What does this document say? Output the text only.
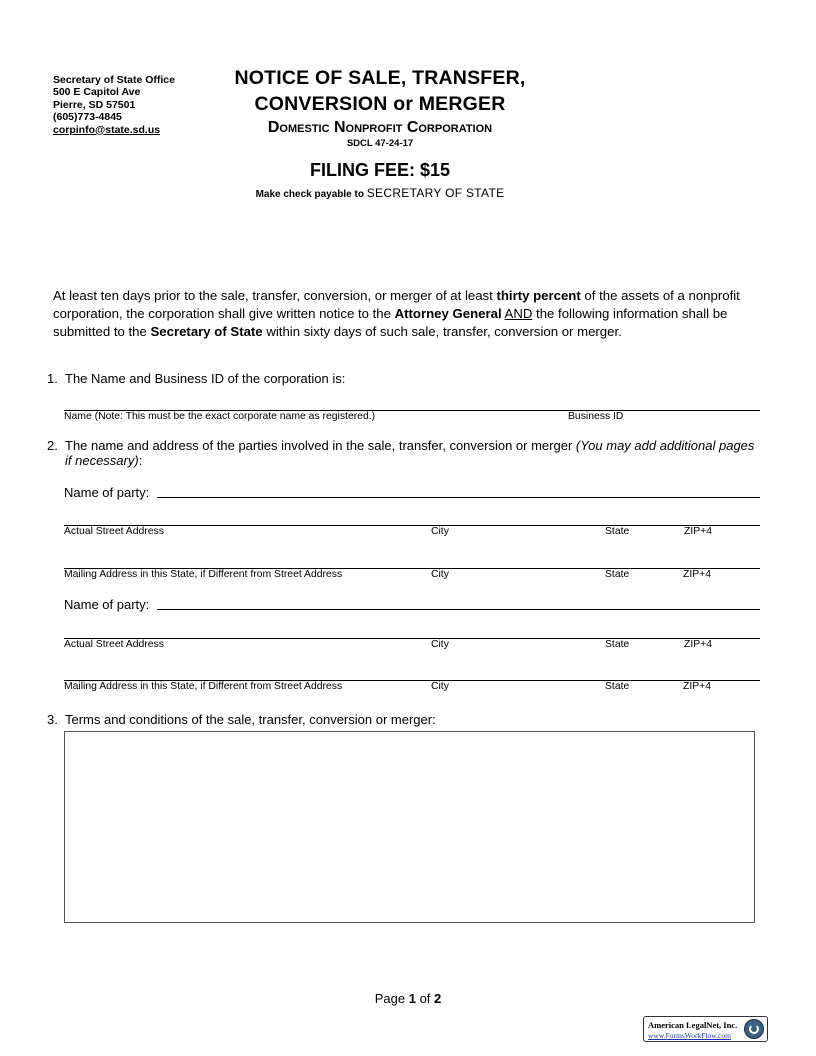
Secretary of State Office
500 E Capitol Ave
Pierre, SD 57501
(605)773-4845
corpinfo@state.sd.us
NOTICE OF SALE, TRANSFER,
CONVERSION or MERGER
Domestic Nonprofit Corporation
SDCL 47-24-17
FILING FEE: $15
Make check payable to SECRETARY OF STATE
At least ten days prior to the sale, transfer, conversion, or merger of at least thirty percent of the assets of a nonprofit corporation, the corporation shall give written notice to the Attorney General AND the following information shall be submitted to the Secretary of State within sixty days of such sale, transfer, conversion or merger.
1. The Name and Business ID of the corporation is:
Name (Note: This must be the exact corporate name as registered.)	Business ID
2. The name and address of the parties involved in the sale, transfer, conversion or merger (You may add additional pages if necessary):
Name of party:
Actual Street Address	City	State	ZIP+4
Mailing Address in this State, if Different from Street Address	City	State	ZIP+4
Name of party:
Actual Street Address	City	State	ZIP+4
Mailing Address in this State, if Different from Street Address	City	State	ZIP+4
3. Terms and conditions of the sale, transfer, conversion or merger:
Page 1 of 2
American LegalNet, Inc.
www.FormsWorkFlow.com
